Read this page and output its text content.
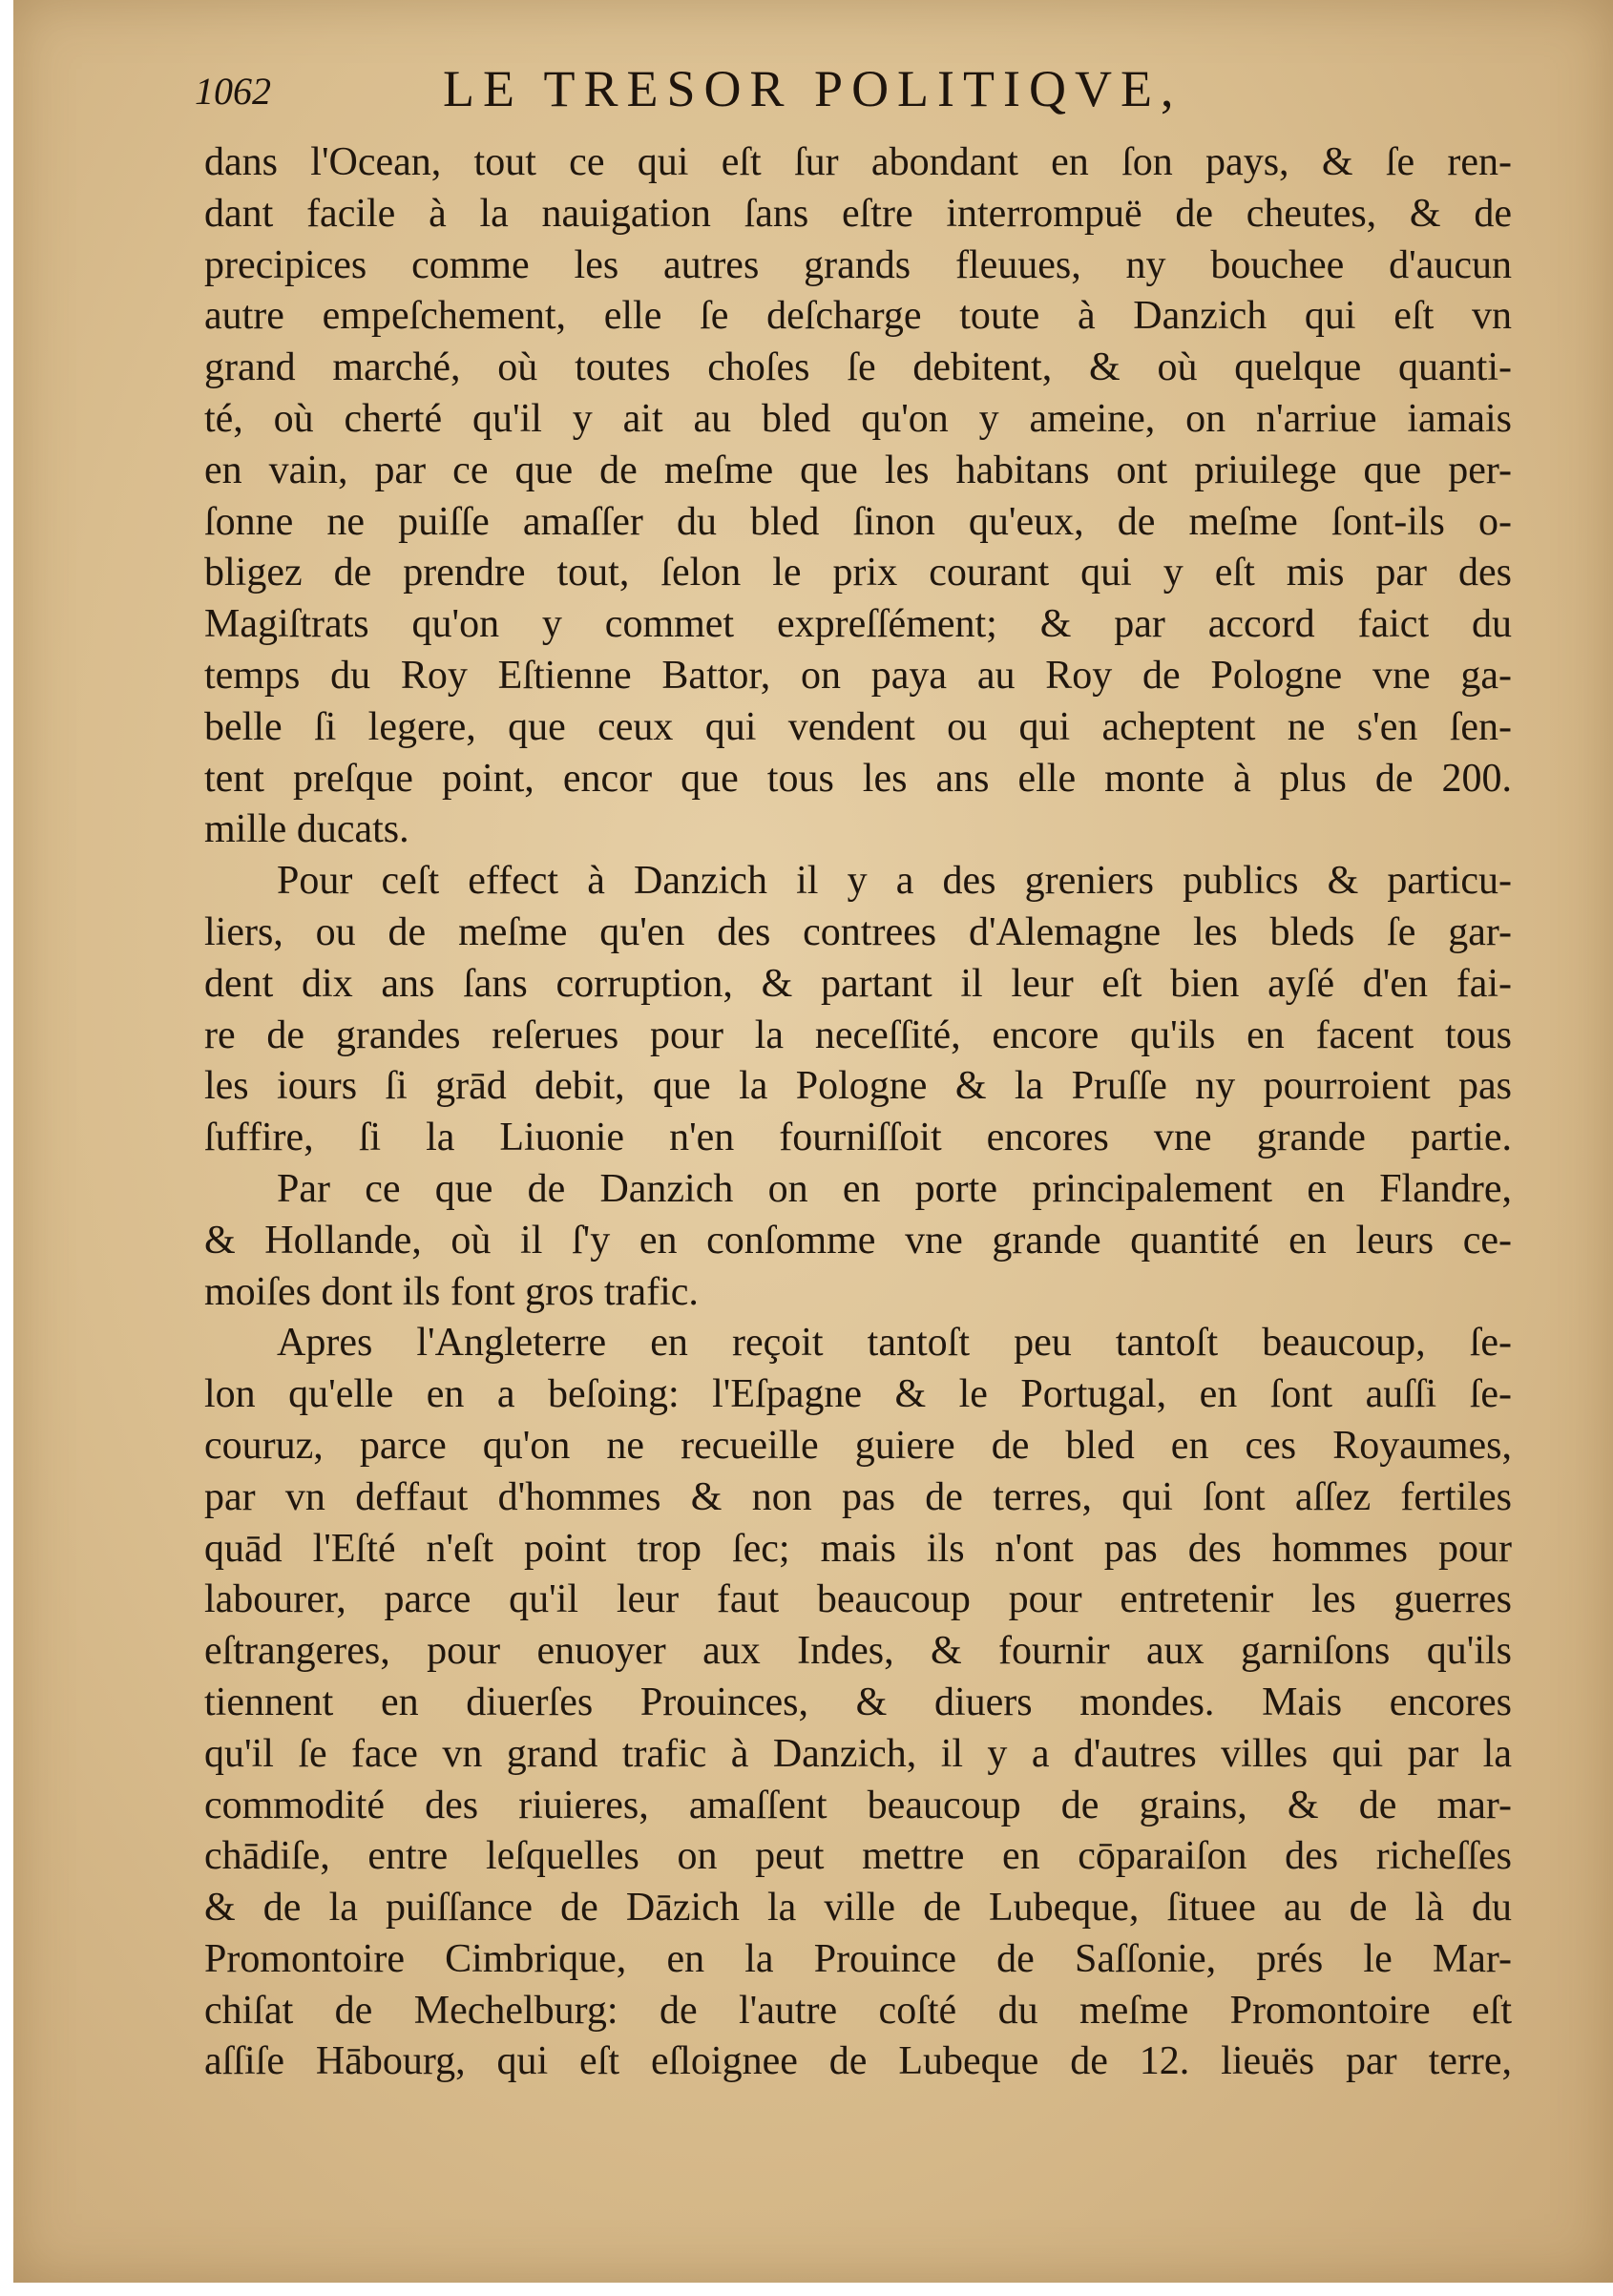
1062	LE TRESOR POLITIQVE,
dans l'Ocean, tout ce qui eſt ſur abondant en ſon pays, & ſe ren-
dant facile à la nauigation ſans eſtre interrompuë de cheutes, & de
precipices comme les autres grands fleuues, ny bouchee d'aucun
autre empeſchement, elle ſe deſcharge toute à Danzich qui eſt vn
grand marché, où toutes choſes ſe debitent, & où quelque quanti-
té, où cherté qu'il y ait au bled qu'on y ameine, on n'arriue iamais
en vain, par ce que de meſme que les habitans ont priuilege que per-
ſonne ne puiſſe amaſſer du bled ſinon qu'eux, de meſme ſont-ils o-
bligez de prendre tout, ſelon le prix courant qui y eſt mis par des
Magiſtrats qu'on y commet expreſſément; & par accord faict du
temps du Roy Eſtienne Battor, on paya au Roy de Pologne vne ga-
belle ſi legere, que ceux qui vendent ou qui acheptent ne s'en ſen-
tent preſque point, encor que tous les ans elle monte à plus de 200.
mille ducats.
Pour ceſt effect à Danzich il y a des greniers publics & particu-
liers, ou de meſme qu'en des contrees d'Alemagne les bleds ſe gar-
dent dix ans ſans corruption, & partant il leur eſt bien ayſé d'en fai-
re de grandes reſerues pour la neceſſité, encore qu'ils en facent tous
les iours ſi grād debit, que la Pologne & la Pruſſe ny pourroient pas
ſuffire, ſi la Liuonie n'en fourniſſoit encores vne grande partie.
Par ce que de Danzich on en porte principalement en Flandre,
& Hollande, où il ſ'y en conſomme vne grande quantité en leurs ce-
moiſes dont ils font gros trafic.
Apres l'Angleterre en reçoit tantoſt peu tantoſt beaucoup, ſe-
lon qu'elle en a beſoing: l'Eſpagne & le Portugal, en ſont auſſi ſe-
couruz, parce qu'on ne recueille guiere de bled en ces Royaumes,
par vn deffaut d'hommes & non pas de terres, qui ſont aſſez fertiles
quād l'Eſté n'eſt point trop ſec; mais ils n'ont pas des hommes pour
labourer, parce qu'il leur faut beaucoup pour entretenir les guerres
eſtrangeres, pour enuoyer aux Indes, & fournir aux garniſons qu'ils
tiennent en diuerſes Prouinces, & diuers mondes. Mais encores
qu'il ſe face vn grand trafic à Danzich, il y a d'autres villes qui par la
commodité des riuieres, amaſſent beaucoup de grains, & de mar-
chādiſe, entre leſquelles on peut mettre en cōparaiſon des richeſſes
& de la puiſſance de Dāzich la ville de Lubeque, ſituee au de là du
Promontoire Cimbrique, en la Prouince de Saſſonie, prés le Mar-
chiſat de Mechelburg: de l'autre coſté du meſme Promontoire eſt
aſſiſe Hābourg, qui eſt eſloignee de Lubeque de 12. lieuës par terre,
